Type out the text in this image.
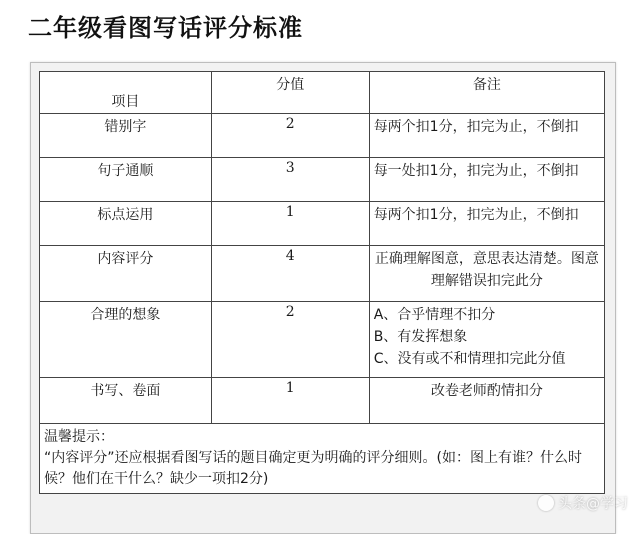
二年级看图写话评分标准
项目	分值	备注
错别字	2	每两个扣1分，扣完为止，不倒扣
句子通顺	3	每一处扣1分，扣完为止，不倒扣
标点运用	1	每两个扣1分，扣完为止，不倒扣
内容评分	4	正确理解图意，意思表达清楚。图意理解错误扣完此分
合理的想象	2	A、合乎情理不扣分
B、有发挥想象
C、没有或不和情理扣完此分值

书写、卷面	1	改卷老师酌情扣分

温馨提示：
“内容评分”还应根据看图写话的题目确定更为明确的评分细则。(如：图上有谁？什么时候？他们在干什么？缺少一项扣2分)		
头条@学习
